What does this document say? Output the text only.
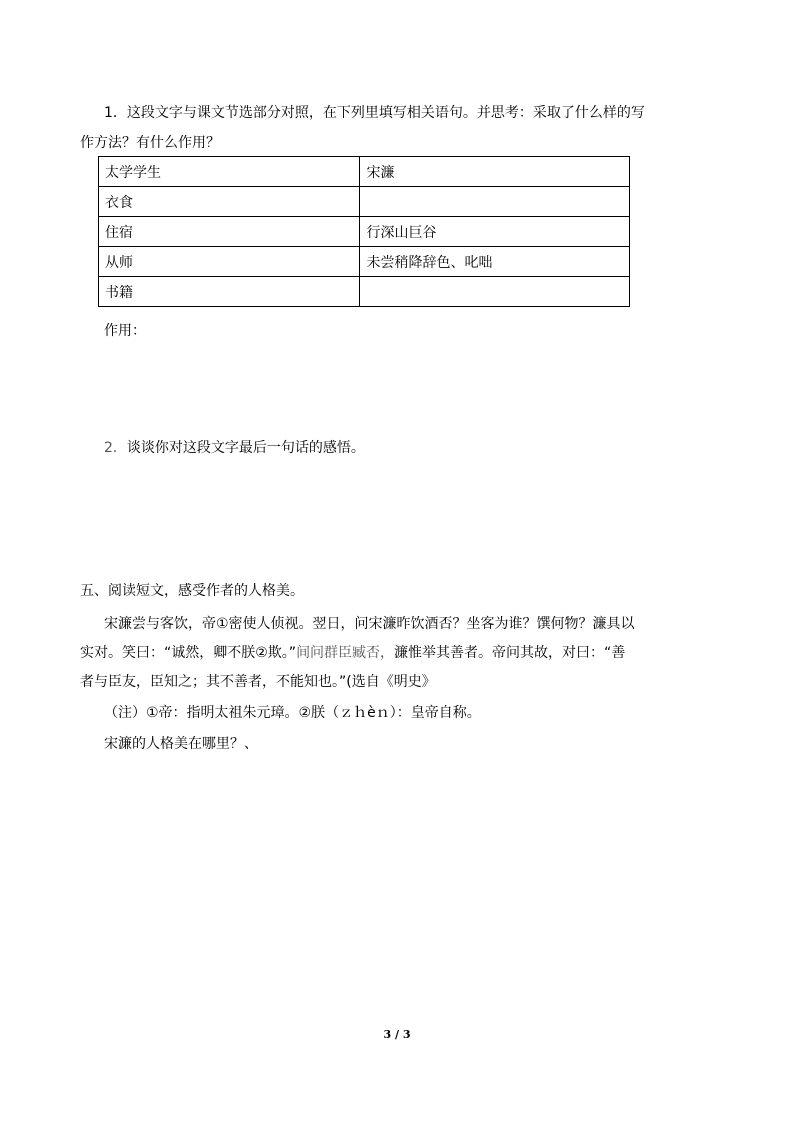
1．这段文字与课文节选部分对照，在下列里填写相关语句。并思考：采取了什么样的写
作方法？有什么作用？
太学学生	宋濂
衣食	
住宿	行深山巨谷
从师	未尝稍降辞色、叱咄
书籍	
作用：
2．谈谈你对这段文字最后一句话的感悟。
五、阅读短文，感受作者的人格美。
宋濂尝与客饮，帝①密使人侦视。翌日，问宋濂昨饮酒否？坐客为谁？馔何物？濂具以
实对。笑曰：“诚然，卿不朕②欺。”间问群臣臧否，濂惟举其善者。帝问其故，对曰：“善
者与臣友，臣知之；其不善者，不能知也。”(选自《明史》
（注）①帝：指明太祖朱元璋。②朕（ｚｈèｎ）：皇帝自称。
宋濂的人格美在哪里？、
3 / 3
